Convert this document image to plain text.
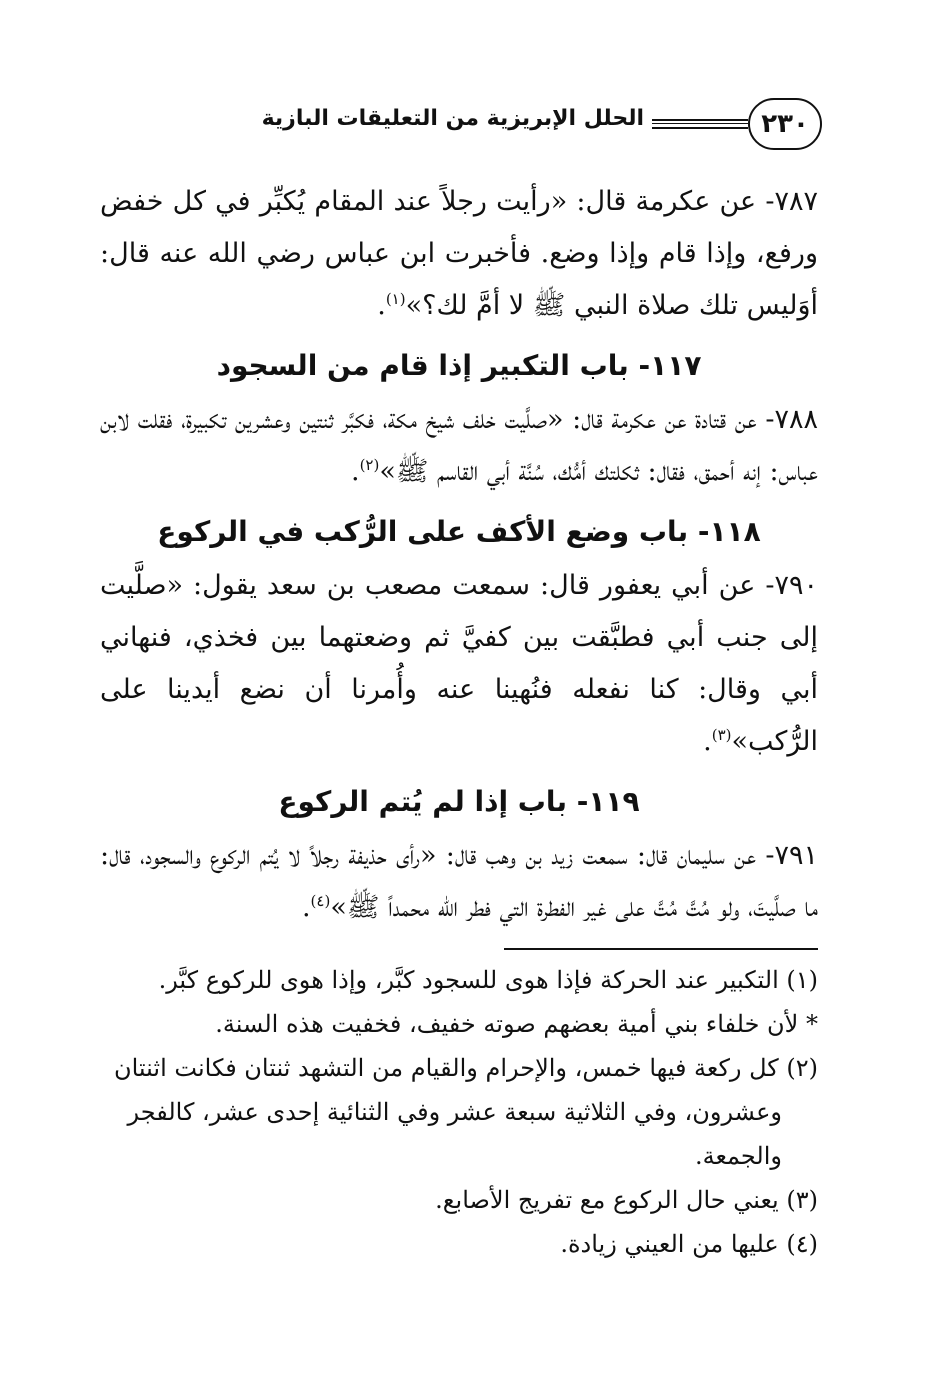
٢٣٠
الحلل الإبريزية من التعليقات البازية

٧٨٧- عن عكرمة قال: «رأيت رجلاً عند المقام يُكبِّر في كل خفض ورفع، وإذا قام وإذا وضع. فأخبرت ابن عباس رضي الله عنه قال: أوَليس تلك صلاة النبي ﷺ لا أمَّ لك؟»$^{(١)}$.

١١٧- باب التكبير إذا قام من السجود

٧٨٨- عن قتادة عن عكرمة قال: «صلَّيت خلف شيخ مكة، فكبَّر ثنتين وعشرين تكبيرة، فقلت لابن عباس: إنه أحمق، فقال: ثكلتك أمُّك، سُنَّة أبي القاسم ﷺ»$^{(٢)}$.

١١٨- باب وضع الأكف على الرُّكب في الركوع

٧٩٠- عن أبي يعفور قال: سمعت مصعب بن سعد يقول: «صلَّيت إلى جنب أبي فطبَّقت بين كفيَّ ثم وضعتهما بين فخذي، فنهاني أبي وقال: كنا نفعله فنُهينا عنه وأُمرنا أن نضع أيدينا على الرُّكب»$^{(٣)}$.

١١٩- باب إذا لم يُتم الركوع

٧٩١- عن سليمان قال: سمعت زيد بن وهب قال: «رأى حذيفة رجلاً لا يُتم الركوع والسجود، قال: ما صلَّيتَ، ولو مُتَّ مُتَّ على غير الفطرة التي فطر الله محمداً ﷺ»$^{(٤)}$.

(١) التكبير عند الحركة فإذا هوى للسجود كبَّر، وإذا هوى للركوع كبَّر.

* لأن خلفاء بني أمية بعضهم صوته خفيف، فخفيت هذه السنة.

(٢) كل ركعة فيها خمس، والإحرام والقيام من التشهد ثنتان فكانت اثنتان

وعشرون، وفي الثلاثية سبعة عشر وفي الثنائية إحدى عشر، كالفجر والجمعة.

(٣) يعني حال الركوع مع تفريج الأصابع.

(٤) عليها من العيني زيادة.
